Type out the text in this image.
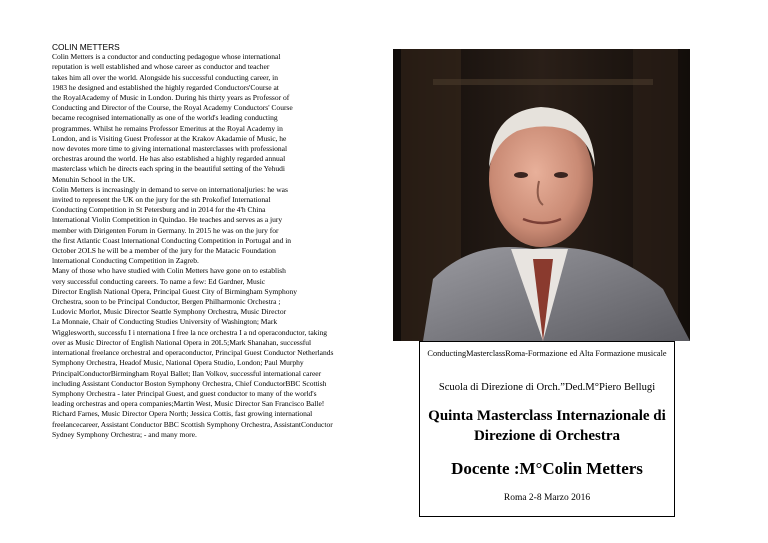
COLIN METTERS
Colin Metters is a conductor and conducting pedagogue whose international
reputation is well established and whose career as conductor and teacher
takes him all over the world. Alongside his successful conducting career, in
1983 he designed and established the highly regarded Conductors'Course at
the RoyalAcademy of Music in London. During his thirty years as Professor of
Conducting and Director of the Course, the Royal Academy Conductors' Course
became recognised internationally as one of the world's leading conducting
programmes. Whilst he remains Professor Emeritus at the Royal Academy in
London, and is Visiting Guest Professor at the Krakov Akadamie of Music, he
now devotes more time to giving international masterclasses with professional
orchestras around the world. He has also established a highly regarded annual
masterclass which he directs each spring in the beautiful setting of the Yehudi
Menuhin School in the UK.
Colin Metters is increasingly in demand to serve on internationaljuries: he was
invited to represent the UK on the jury for the sth Prokofief International
Conducting Competition in St Petersburg and in 2014 for the 4'h China
lnternational Violin Competition in Quindao. He teaches and serves as a jury
member with Dirigenten Forum in Germany. ln 2015 he was on the jury for
the first Atlantic Coast lnternational Conducting Competition in Portugal and in
October 2OLS he will be a member of the jury for the Matacic Foundation
lnternational Conducting Competition in Zagreb.
Many of those who have studied with Colin Metters have gone on to establish
very successful conducting careers. To name a few: Ed Gardner, Music
Director English National Opera, Principal Guest City of Birmingham Symphony
Orchestra, soon to be Principal Conductor, Bergen Philharmonic Orchestra ;
Ludovic Morlot, Music Director Seattle Symphony Orchestra, Music Director
La Monnaie, Chair of Conducting Studies University of Washington; Mark
Wigglesworth, successfu I i nternationa I free la nce orchestra I a nd operaconductor, taking
over as Music Director of English National Opera in 20L5;Mark Shanahan, successful
international freelance orchestral and operaconductor, Principal Guest Conductor Netherlands
Symphony Orchestra, Headof Music, National Opera Studio, London; Paul Murphy
PrincipalConductorBirmingham Royal Ballet; Ilan Volkov, successful international career
including Assistant Conductor Boston Symphony Orchestra, Chief ConductorBBC Scottish
Symphony Orchestra - later Principal Guest, and guest conductor to many of the world's
leading orchestras and opera companies;Martin West, Music Director San Francisco Balle!
Richard Farnes, Music Director Opera North; Jessica Cottis, fast growing international
freelancecareer, Assistant Conductor BBC Scottish Symphony Orchestra, AssistantConductor
Sydney Symphony Orchestra; - and many more.
ConductingMasterclassRoma-Formazione ed Alta Formazione musicale
Scuola di Direzione di Orch.”Ded.M°Piero Bellugi
Quinta Masterclass Internazionale di Direzione di Orchestra
Docente :M°Colin Metters
Roma 2-8 Marzo 2016
